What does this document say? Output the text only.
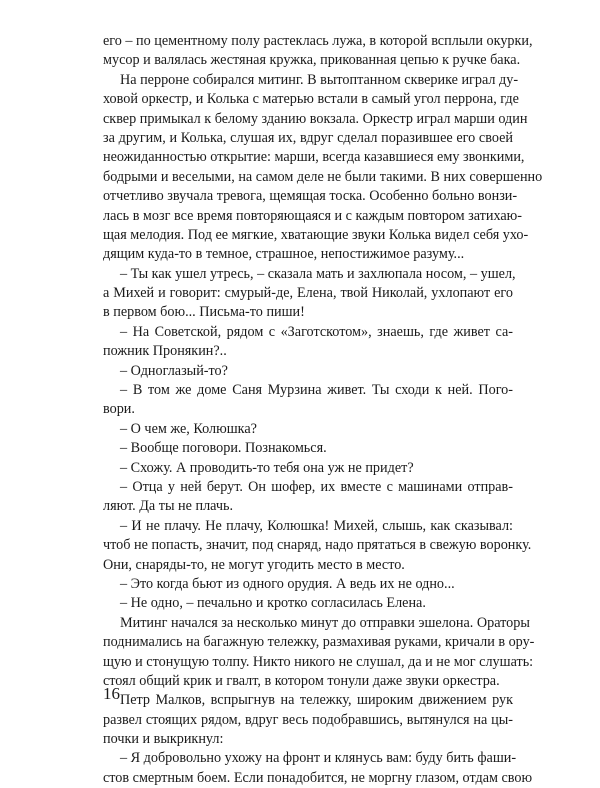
его – по цементному полу растеклась лужа, в которой всплыли окурки,
мусор и валялась жестяная кружка, прикованная цепью к ручке бака.
На перроне собирался митинг. В вытоптанном скверике играл ду-
ховой оркестр, и Колька с матерью встали в самый угол перрона, где
сквер примыкал к белому зданию вокзала. Оркестр играл марши один
за другим, и Колька, слушая их, вдруг сделал поразившее его своей
неожиданностью открытие: марши, всегда казавшиеся ему звонкими,
бодрыми и веселыми, на самом деле не были такими. В них совершенно
отчетливо звучала тревога, щемящая тоска. Особенно больно вонзи-
лась в мозг все время повторяющаяся и с каждым повтором затихаю-
щая мелодия. Под ее мягкие, хватающие звуки Колька видел себя ухо-
дящим куда-то в темное, страшное, непостижимое разуму...
– Ты как ушел утресь, – сказала мать и захлюпала носом, – ушел,
а Михей и говорит: смурый-де, Елена, твой Николай, ухлопают его
в первом бою... Письма-то пиши!
– На Советской, рядом с «Заготскотом», знаешь, где живет са-
пожник Пронякин?..
– Одноглазый-то?
– В том же доме Саня Мурзина живет. Ты сходи к ней. Пого-
вори.
– О чем же, Колюшка?
– Вообще поговори. Познакомься.
– Схожу. А проводить-то тебя она уж не придет?
– Отца у ней берут. Он шофер, их вместе с машинами отправ-
ляют. Да ты не плачь.
– И не плачу. Не плачу, Колюшка! Михей, слышь, как сказывал:
чтоб не попасть, значит, под снаряд, надо прятаться в свежую воронку.
Они, снаряды-то, не могут угодить место в место.
– Это когда бьют из одного орудия. А ведь их не одно...
– Не одно, – печально и кротко согласилась Елена.
Митинг начался за несколько минут до отправки эшелона. Ораторы
поднимались на багажную тележку, размахивая руками, кричали в ору-
щую и стонущую толпу. Никто никого не слушал, да и не мог слушать:
стоял общий крик и гвалт, в котором тонули даже звуки оркестра.
Петр Малков, вспрыгнув на тележку, широким движением рук
развел стоящих рядом, вдруг весь подобравшись, вытянулся на цы-
почки и выкрикнул:
– Я добровольно ухожу на фронт и клянусь вам: буду бить фаши-
стов смертным боем. Если понадобится, не моргну глазом, отдам свою
16
